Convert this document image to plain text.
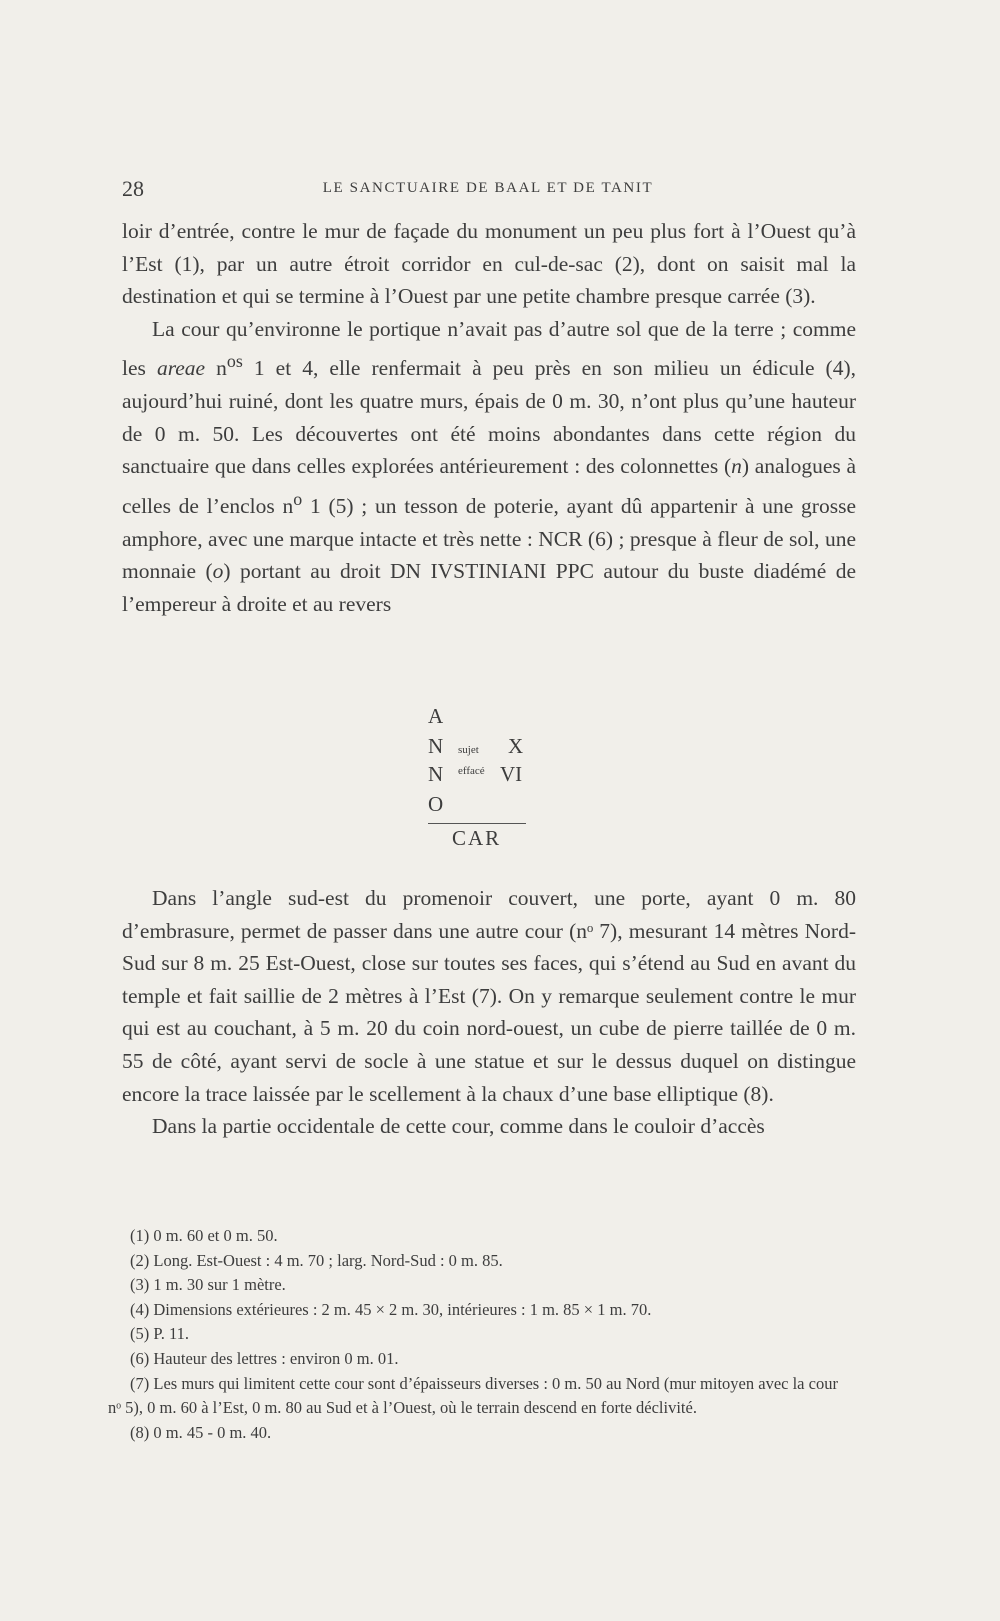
28	LE SANCTUAIRE DE BAAL ET DE TANIT

loir d’entrée, contre le mur de façade du monument un peu plus fort à l’Ouest qu’à l’Est (1), par un autre étroit corridor en cul-de-sac (2), dont on saisit mal la destination et qui se termine à l’Ouest par une petite chambre presque carrée (3).

La cour qu’environne le portique n’avait pas d’autre sol que de la terre ; comme les areae $n^{os}$ 1 et 4, elle renfermait à peu près en son milieu un édicule (4), aujourd’hui ruiné, dont les quatre murs, épais de 0 m. 30, n’ont plus qu’une hauteur de 0 m. 50. Les découvertes ont été moins abondantes dans cette région du sanctuaire que dans celles explorées antérieurement : des colonnettes (n) analogues à celles de l’enclos $n^o$ 1 (5) ; un tesson de poterie, ayant dû appartenir à une grosse amphore, avec une marque intacte et très nette : NCR (6) ; presque à fleur de sol, une monnaie (o) portant au droit DN IVSTINIANI PPC autour du buste diadémé de l’empereur à droite et au revers

A
N sujet X
N effacé VI
O
CAR

Dans l’angle sud-est du promenoir couvert, une porte, ayant 0 m. 80 d’embrasure, permet de passer dans une autre cour (nᵒ 7), mesurant 14 mètres Nord-Sud sur 8 m. 25 Est-Ouest, close sur toutes ses faces, qui s’étend au Sud en avant du temple et fait saillie de 2 mètres à l’Est (7). On y remarque seulement contre le mur qui est au couchant, à 5 m. 20 du coin nord-ouest, un cube de pierre taillée de 0 m. 55 de côté, ayant servi de socle à une statue et sur le dessus duquel on distingue encore la trace laissée par le scellement à la chaux d’une base elliptique (8).

Dans la partie occidentale de cette cour, comme dans le couloir d’accès

(1) 0 m. 60 et 0 m. 50.
(2) Long. Est-Ouest : 4 m. 70 ; larg. Nord-Sud : 0 m. 85.
(3) 1 m. 30 sur 1 mètre.
(4) Dimensions extérieures : 2 m. 45 × 2 m. 30, intérieures : 1 m. 85 × 1 m. 70.
(5) P. 11.
(6) Hauteur des lettres : environ 0 m. 01.
(7) Les murs qui limitent cette cour sont d’épaisseurs diverses : 0 m. 50 au Nord (mur mitoyen avec la cour nᵒ 5), 0 m. 60 à l’Est, 0 m. 80 au Sud et à l’Ouest, où le terrain descend en forte déclivité.
(8) 0 m. 45 - 0 m. 40.
